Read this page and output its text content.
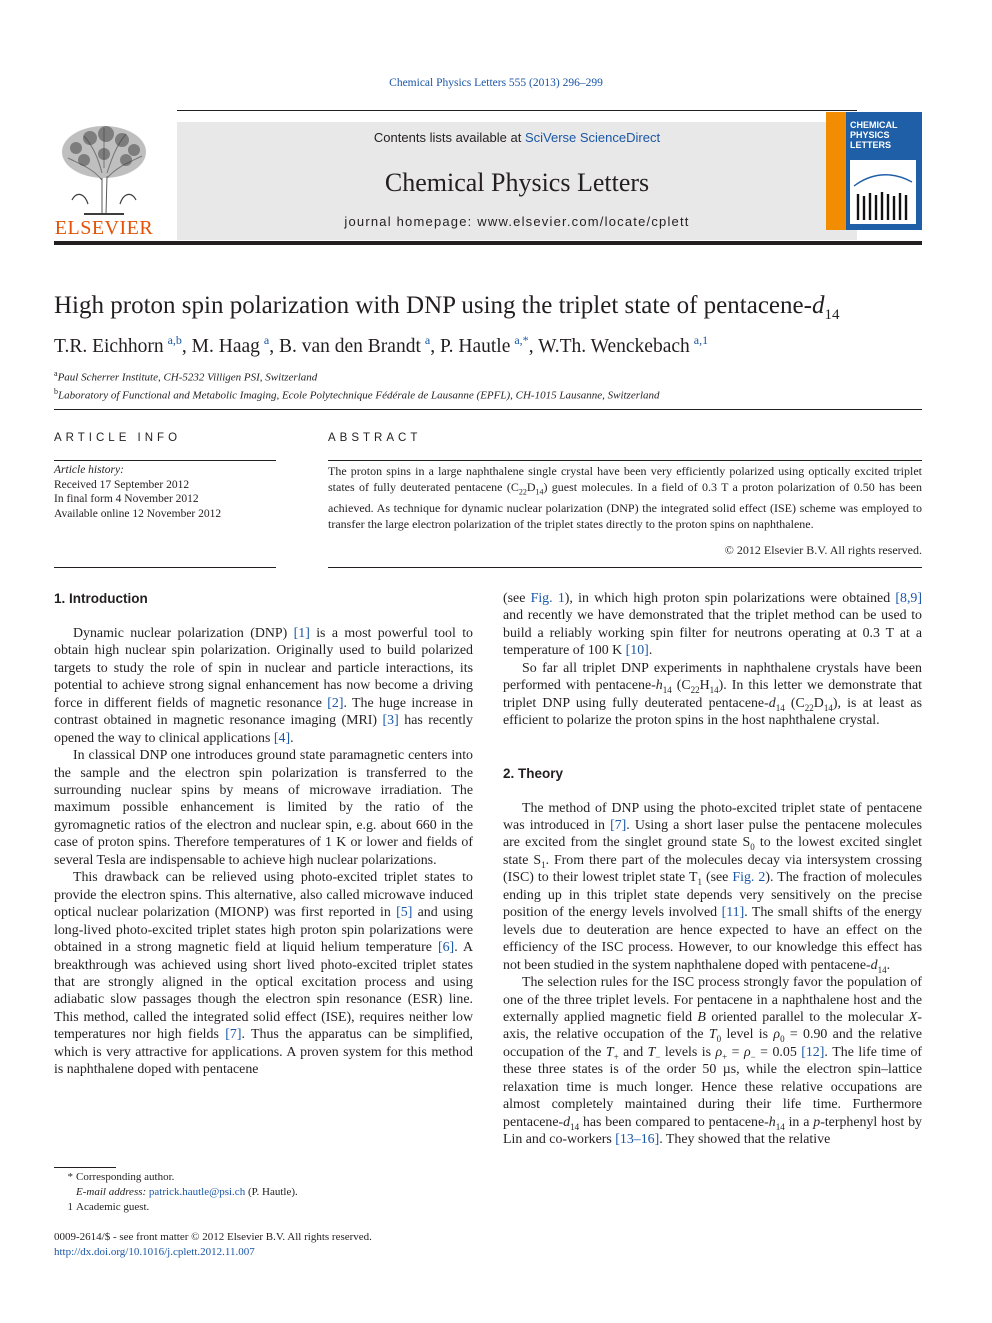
Chemical Physics Letters 555 (2013) 296–299
ELSEVIER
Contents lists available at SciVerse ScienceDirect
Chemical Physics Letters
journal homepage: www.elsevier.com/locate/cplett
CHEMICAL
PHYSICS
LETTERS
High proton spin polarization with DNP using the triplet state of pentacene-$d_{14}$
T.R. Eichhorn $^{a,b}$, M. Haag $^a$, B. van den Brandt $^a$, P. Hautle $^{a,*}$, W.Th. Wenckebach $^{a,1}$
$^a$Paul Scherrer Institute, CH-5232 Villigen PSI, Switzerland
$^b$Laboratory of Functional and Metabolic Imaging, Ecole Polytechnique Fédérale de Lausanne (EPFL), CH-1015 Lausanne, Switzerland
ARTICLE INFO	ABSTRACT
Article history:
Received 17 September 2012
In final form 4 November 2012
Available online 12 November 2012
The proton spins in a large naphthalene single crystal have been very efficiently polarized using optically excited triplet states of fully deuterated pentacene $(C_{22}D_{14})$ guest molecules. In a field of 0.3 T a proton polarization of 0.50 has been achieved. As technique for dynamic nuclear polarization (DNP) the integrated solid effect (ISE) scheme was employed to transfer the large electron polarization of the triplet states directly to the proton spins on naphthalene.
© 2012 Elsevier B.V. All rights reserved.
1. Introduction

Dynamic nuclear polarization (DNP) [1] is a most powerful tool to obtain high nuclear spin polarization. Originally used to build polarized targets to study the role of spin in nuclear and particle interactions, its potential to achieve strong signal enhancement has now become a driving force in different fields of magnetic resonance [2]. The huge increase in contrast obtained in magnetic resonance imaging (MRI) [3] has recently opened the way to clinical applications [4].

In classical DNP one introduces ground state paramagnetic centers into the sample and the electron spin polarization is transferred to the surrounding nuclear spins by means of microwave irradiation. The maximum possible enhancement is limited by the ratio of the gyromagnetic ratios of the electron and nuclear spin, e.g. about 660 in the case of proton spins. Therefore temperatures of 1 K or lower and fields of several Tesla are indispensable to achieve high nuclear polarizations.

This drawback can be relieved using photo-excited triplet states to provide the electron spins. This alternative, also called microwave induced optical nuclear polarization (MIONP) was first reported in [5] and using long-lived photo-excited triplet states high proton spin polarizations were obtained in a strong magnetic field at liquid helium temperature [6]. A breakthrough was achieved using short lived photo-excited triplet states that are strongly aligned in the optical excitation process and using adiabatic slow passages though the electron spin resonance (ESR) line. This method, called the integrated solid effect (ISE), requires neither low temperatures nor high fields [7]. Thus the apparatus can be simplified, which is very attractive for applications. A proven system for this method is naphthalene doped with pentacene

(see Fig. 1), in which high proton spin polarizations were obtained [8,9] and recently we have demonstrated that the triplet method can be used to build a reliably working spin filter for neutrons operating at 0.3 T at a temperature of 100 K [10].

So far all triplet DNP experiments in naphthalene crystals have been performed with pentacene-$h_{14}$ $(C_{22}H_{14})$. In this letter we demonstrate that triplet DNP using fully deuterated pentacene-$d_{14}$ $(C_{22}D_{14})$, is at least as efficient to polarize the proton spins in the host naphthalene crystal.

2. Theory

The method of DNP using the photo-excited triplet state of pentacene was introduced in [7]. Using a short laser pulse the pentacene molecules are excited from the singlet ground state $S_0$ to the lowest excited singlet state $S_1$. From there part of the molecules decay via intersystem crossing (ISC) to their lowest triplet state $T_1$ (see Fig. 2). The fraction of molecules ending up in this triplet state depends very sensitively on the precise position of the energy levels involved [11]. The small shifts of the energy levels due to deuteration are hence expected to have an effect on the efficiency of the ISC process. However, to our knowledge this effect has not been studied in the system naphthalene doped with pentacene-$d_{14}$.

The selection rules for the ISC process strongly favor the population of one of the three triplet levels. For pentacene in a naphthalene host and the externally applied magnetic field B oriented parallel to the molecular X-axis, the relative occupation of the $T_0$ level is $\rho_0 = 0.90$ and the relative occupation of the $T_+$ and $T_-$ levels is $\rho_+ = \rho_- = 0.05$ [12]. The life time of these three states is of the order 50 µs, while the electron spin–lattice relaxation time is much longer. Hence these relative occupations are almost completely maintained during their life time. Furthermore pentacene-$d_{14}$ has been compared to pentacene-$h_{14}$ in a p-terphenyl host by Lin and co-workers [13–16]. They showed that the relative

* Corresponding author.
E-mail address: patrick.hautle@psi.ch (P. Hautle).
1 Academic guest.
0009-2614/$ - see front matter © 2012 Elsevier B.V. All rights reserved.
http://dx.doi.org/10.1016/j.cplett.2012.11.007
